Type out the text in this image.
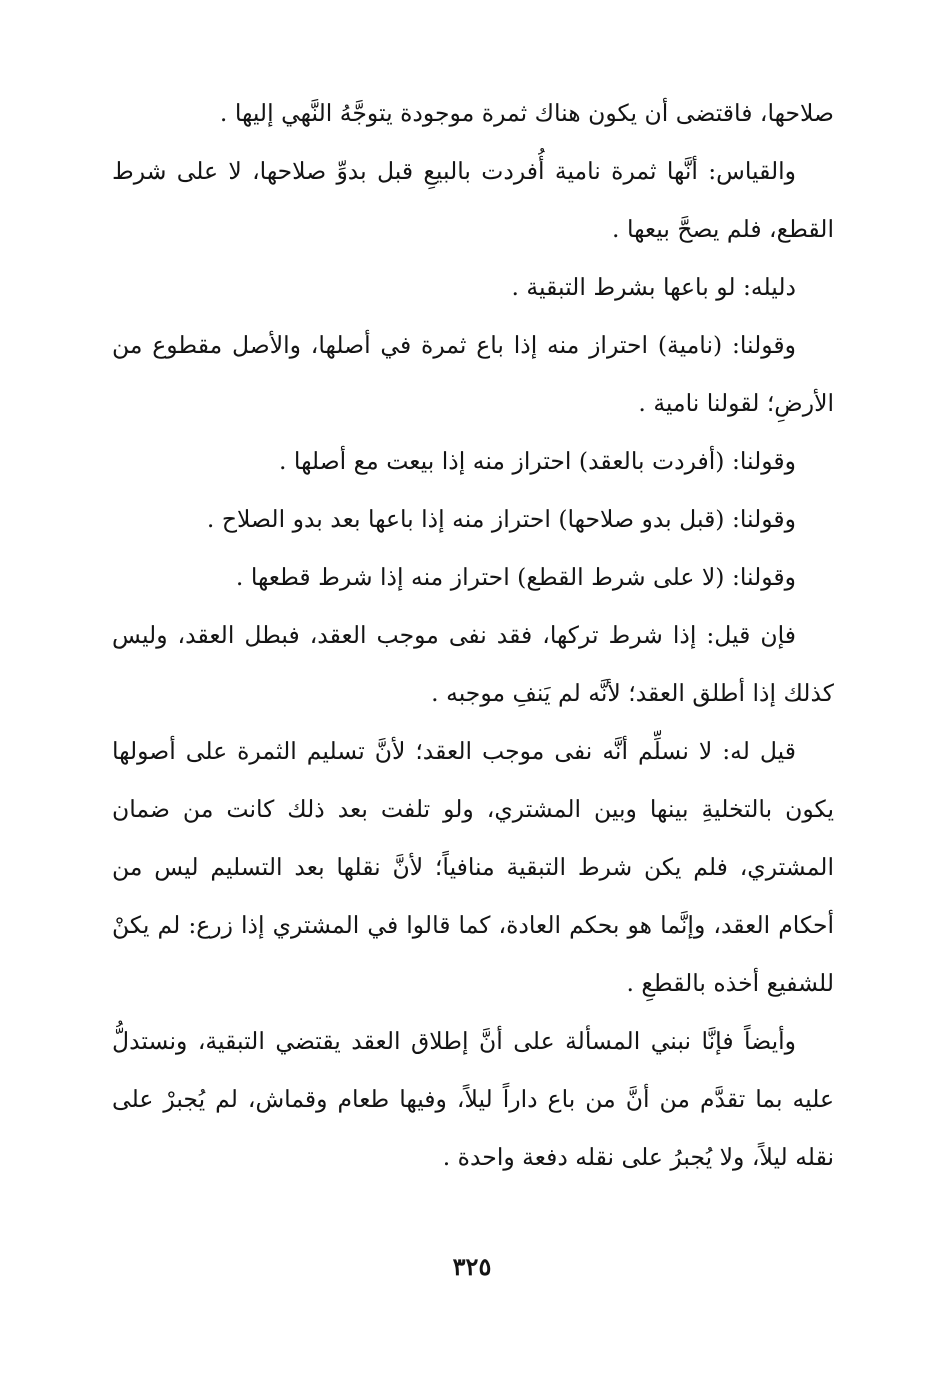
صلاحها، فاقتضى أن يكون هناك ثمرة موجودة يتوجَّهُ النَّهي إليها .

والقياس: أنَّها ثمرة نامية أُفردت بالبيعِ قبل بدوِّ صلاحها، لا على شرط القطع، فلم يصحَّ بيعها .

دليله: لو باعها بشرط التبقية .

وقولنا: (نامية) احتراز منه إذا باع ثمرة في أصلها، والأصل مقطوع من الأرضِ؛ لقولنا نامية .

وقولنا: (أفردت بالعقد) احتراز منه إذا بيعت مع أصلها .

وقولنا: (قبل بدو صلاحها) احتراز منه إذا باعها بعد بدو الصلاح .

وقولنا: (لا على شرط القطع) احتراز منه إذا شرط قطعها .

فإن قيل: إذا شرط تركها، فقد نفى موجب العقد، فبطل العقد، وليس كذلك إذا أطلق العقد؛ لأنَّه لم يَنفِ موجبه .

قيل له: لا نسلِّم أنَّه نفى موجب العقد؛ لأنَّ تسليم الثمرة على أصولها يكون بالتخليةِ بينها وبين المشتري، ولو تلفت بعد ذلك كانت من ضمان المشتري، فلم يكن شرط التبقية منافياً؛ لأنَّ نقلها بعد التسليم ليس من أحكام العقد، وإنَّما هو بحكم العادة، كما قالوا في المشتري إذا زرع: لم يكنْ للشفيع أخذه بالقطعِ .

وأيضاً فإنَّا نبني المسألة على أنَّ إطلاق العقد يقتضي التبقية، ونستدلُّ عليه بما تقدَّم من أنَّ من باع داراً ليلاً، وفيها طعام وقماش، لم يُجبرْ على نقله ليلاً، ولا يُجبرُ على نقله دفعة واحدة .

٣٢٥
